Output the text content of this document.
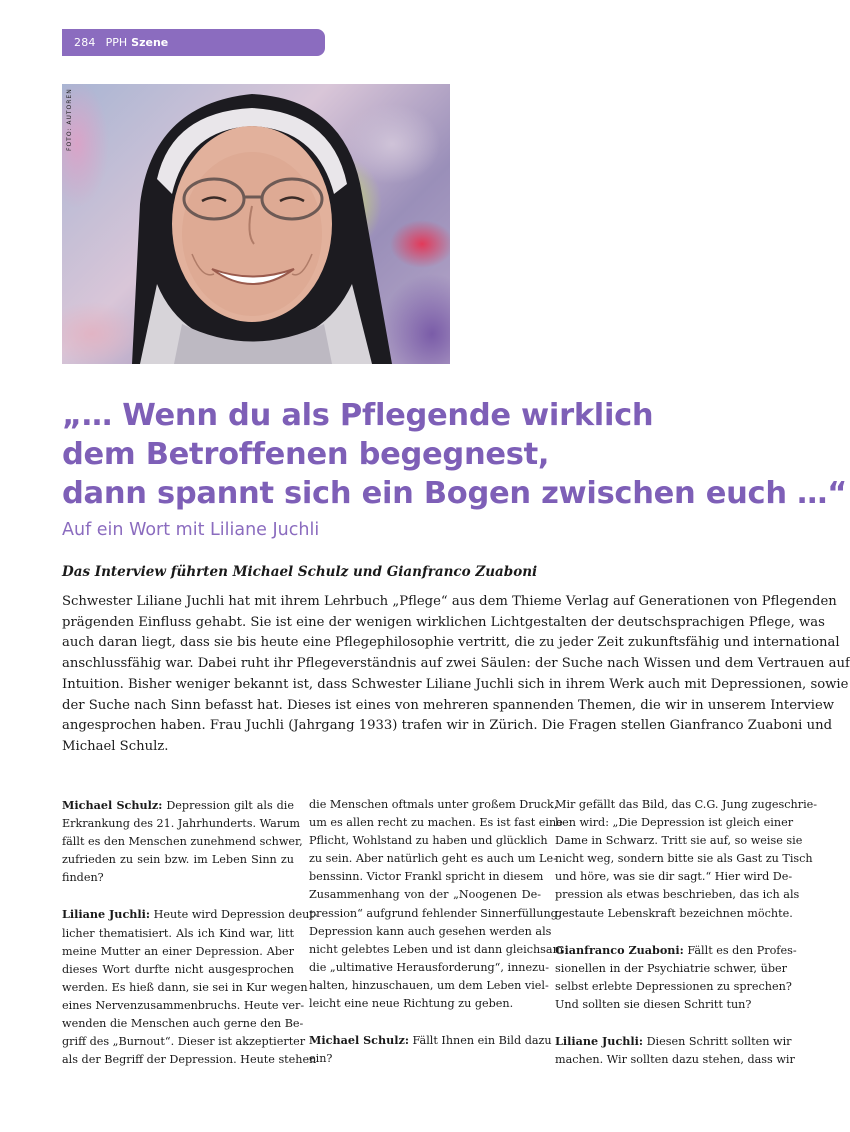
284 PPH Szene
FOTO: AUTOREN
„… Wenn du als Pflegende wirklich
dem Betroffenen begegnest,
dann spannt sich ein Bogen zwischen euch …“
Auf ein Wort mit Liliane Juchli
Das Interview führten Michael Schulz und Gianfranco Zuaboni
Schwester Liliane Juchli hat mit ihrem Lehrbuch „Pflege“ aus dem Thieme Verlag auf Generationen von Pflegenden
prägenden Einfluss gehabt. Sie ist eine der wenigen wirklichen Lichtgestalten der deutschsprachigen Pflege, was
auch daran liegt, dass sie bis heute eine Pflegephilosophie vertritt, die zu jeder Zeit zukunftsfähig und international
anschlussfähig war. Dabei ruht ihr Pflegeverständnis auf zwei Säulen: der Suche nach Wissen und dem Vertrauen auf
Intuition. Bisher weniger bekannt ist, dass Schwester Liliane Juchli sich in ihrem Werk auch mit Depressionen, sowie
der Suche nach Sinn befasst hat. Dieses ist eines von mehreren spannenden Themen, die wir in unserem Interview
angesprochen haben. Frau Juchli (Jahrgang 1933) trafen wir in Zürich. Die Fragen stellen Gianfranco Zuaboni und
Michael Schulz.
Michael Schulz: Depression gilt als die
Erkrankung des 21. Jahrhunderts. Warum
fällt es den Menschen zunehmend schwer,
zufrieden zu sein bzw. im Leben Sinn zu
finden?
Liliane Juchli: Heute wird Depression deut-
licher thematisiert. Als ich Kind war, litt
meine Mutter an einer Depression. Aber
dieses Wort durfte nicht ausgesprochen
werden. Es hieß dann, sie sei in Kur wegen
eines Nervenzusammenbruchs. Heute ver-
wenden die Menschen auch gerne den Be-
griff des „Burnout“. Dieser ist akzeptierter
als der Begriff der Depression. Heute stehen
die Menschen oftmals unter großem Druck,
um es allen recht zu machen. Es ist fast eine
Pflicht, Wohlstand zu haben und glücklich
zu sein. Aber natürlich geht es auch um Le-
benssinn. Victor Frankl spricht in diesem
Zusammenhang von der „Noogenen De-
pression“ aufgrund fehlender Sinnerfüllung.
Depression kann auch gesehen werden als
nicht gelebtes Leben und ist dann gleichsam
die „ultimative Herausforderung“, innezu-
halten, hinzuschauen, um dem Leben viel-
leicht eine neue Richtung zu geben.
Michael Schulz: Fällt Ihnen ein Bild dazu
ein?
Mir gefällt das Bild, das C.G. Jung zugeschrie-
ben wird: „Die Depression ist gleich einer
Dame in Schwarz. Tritt sie auf, so weise sie
nicht weg, sondern bitte sie als Gast zu Tisch
und höre, was sie dir sagt.“ Hier wird De-
pression als etwas beschrieben, das ich als
gestaute Lebenskraft bezeichnen möchte.
Gianfranco Zuaboni: Fällt es den Profes-
sionellen in der Psychiatrie schwer, über
selbst erlebte Depressionen zu sprechen?
Und sollten sie diesen Schritt tun?
Liliane Juchli: Diesen Schritt sollten wir
machen. Wir sollten dazu stehen, dass wir
